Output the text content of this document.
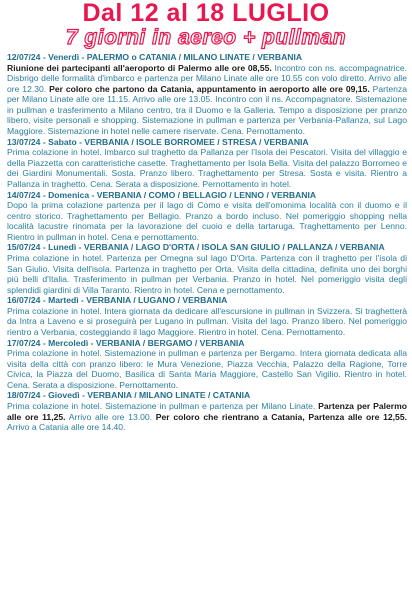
Dal 12 al 18 LUGLIO
7 giorni in aereo + pullman
12/07/24 - Venerdì - PALERMO o CATANIA / MILANO LINATE / VERBANIA
Riunione dei partecipanti all'aeroporto di Palermo alle ore 08,55. Incontro con ns. accompagnatrice. Disbrigo delle formalità d'imbarco e partenza per Milano Linate alle ore 10.55 con volo diretto. Arrivo alle ore 12.30. Per coloro che partono da Catania, appuntamento in aeroporto alle ore 09,15. Partenza per Milano Linate alle ore 11.15. Arrivo alle ore 13.05. Incontro con il ns. Accompagnatore. Sistemazione in pullman e trasferimento a Milano centro, tra il Duomo e la Galleria. Tempo a disposizione per pranzo libero, visite personali e shopping. Sistemazione in pullman e partenza per Verbania-Pallanza, sul Lago Maggiore. Sistemazione in hotel nelle camere riservate. Cena. Pernottamento.
13/07/24 - Sabato - VERBANIA / ISOLE BORROMEE / STRESA / VERBANIA
Prima colazione in hotel. Imbarco sul traghetto da Pallanza per l'Isola dei Pescatori. Visita del villaggio e della Piazzetta con caratteristiche casette. Traghettamento per Isola Bella. Visita del palazzo Borromeo e dei Giardini Monumentali. Sosta. Pranzo libero. Traghettamento per Stresa. Sosta e visita. Rientro a Pallanza in traghetto. Cena. Serata a disposizione. Pernottamento in hotel.
14/07/24 - Domenica - VERBANIA / COMO / BELLAGIO / LENNO / VERBANIA
Dopo la prima colazione partenza per il lago di Como e visita dell'omonima località con il duomo e il centro storico. Traghettamento per Bellagio. Pranzo a bordo incluso. Nel pomeriggio shopping nella località lacustre rinomata per la lavorazione del cuoio e della tartaruga. Traghettamento per Lenno. Rientro in pullman in hotel. Cena e pernottamento.
15/07/24 - Lunedì - VERBANIA / LAGO D'ORTA / ISOLA SAN GIULIO / PALLANZA / VERBANIA
Prima colazione in hotel. Partenza per Omegna sul lago D'Orta. Partenza con il traghetto per l'isola di San Giulio. Visita dell'isola. Partenza in traghetto per Orta. Visita della cittadina, definita uno dei borghi più belli d'Italia. Trasferimento in pullman per Verbania. Pranzo in hotel. Nel pomeriggio visita degli splendidi giardini di Villa Taranto. Rientro in hotel. Cena e pernottamento.
16/07/24 - Martedì - VERBANIA / LUGANO / VERBANIA
Prima colazione in hotel. Intera giornata da dedicare all'escursione in pullman in Svizzera. Si traghetterà da Intra a Laveno e si proseguirà per Lugano in pullman. Visita del lago. Pranzo libero. Nel pomeriggio rientro a Verbania, costeggiando il lago Maggiore. Rientro in hotel. Cena. Pernottamento.
17/07/24 - Mercoledì - VERBANIA / BERGAMO / VERBANIA
Prima colazione in hotel. Sistemazione in pullman e partenza per Bergamo. Intera giornata dedicata alla visita della città con pranzo libero: le Mura Venezione, Piazza Vecchia, Palazzo della Ragione, Torre Civica, la Piazza del Duomo, Basilica di Santa Maria Maggiore, Castello San Vigilio. Rientro in hotel. Cena. Serata a disposizione. Pernottamento.
18/07/24 - Giovedì - VERBANIA / MILANO LINATE / CATANIA
Prima colazione in hotel. Sistemazione in pullman e partenza per Milano Linate. Partenza per Palermo alle ore 11,25. Arrivo alle ore 13.00. Per coloro che rientrano a Catania, Partenza alle ore 12,55. Arrivo a Catania alle ore 14.40.
